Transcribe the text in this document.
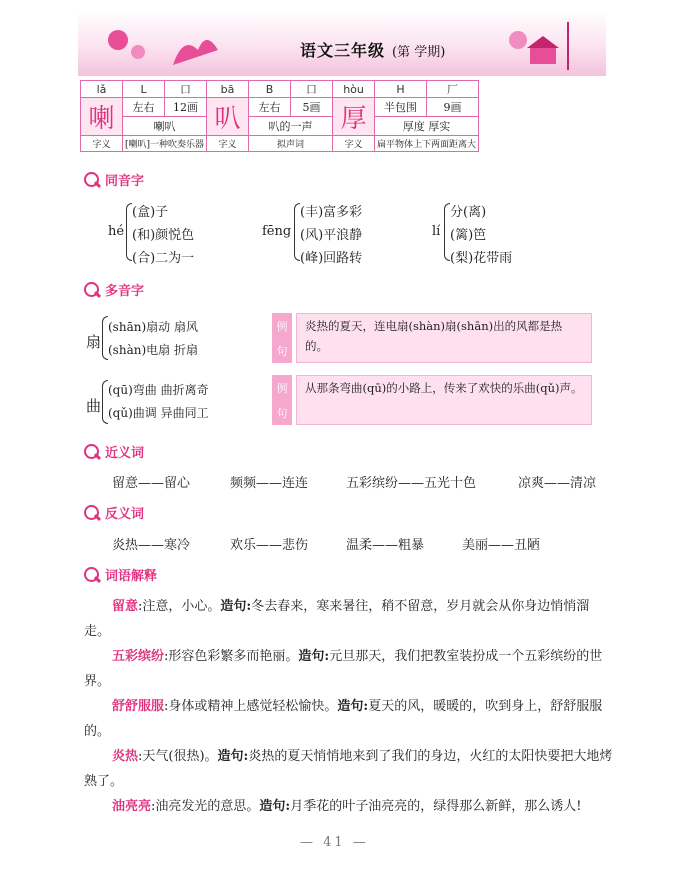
语文三年级 (第 学期)
lǎ	L	口	bā	B	口	hòu	H	厂
喇	左右	12画	叭	左右	5画	厚	半包围	9画
	喇叭			叭的一声			厚度 厚实	
字义	[喇叭]一种吹奏乐器		字义	拟声词		字义	扁平物体上下两面距离大	
同音字
hé
(盒)子
(和)颜悦色
(合)二为一
fēng
(丰)富多彩
(风)平浪静
(峰)回路转
lí
分(离)
(篱)笆
(梨)花带雨
多音字
扇
(shān)扇动 扇风
(shàn)电扇 折扇
例
句
炎热的夏天，连电扇(shàn)扇(shān)出的风都是热的。
曲
(qū)弯曲 曲折离奇
(qǔ)曲调 异曲同工
例
句
从那条弯曲(qū)的小路上，传来了欢快的乐曲(qǔ)声。
近义词
留意——留心	频频——连连	五彩缤纷——五光十色	凉爽——清凉
反义词
炎热——寒冷	欢乐——悲伤	温柔——粗暴	美丽——丑陋
词语解释

留意:注意，小心。造句:冬去春来，寒来暑往，稍不留意，岁月就会从你身边悄悄溜走。

五彩缤纷:形容色彩繁多而艳丽。造句:元旦那天，我们把教室装扮成一个五彩缤纷的世界。

舒舒服服:身体或精神上感觉轻松愉快。造句:夏天的风，暖暖的，吹到身上，舒舒服服的。

炎热:天气(很热)。造句:炎热的夏天悄悄地来到了我们的身边，火红的太阳快要把大地烤熟了。

油亮亮:油亮发光的意思。造句:月季花的叶子油亮亮的，绿得那么新鲜，那么诱人!

— 41 —
